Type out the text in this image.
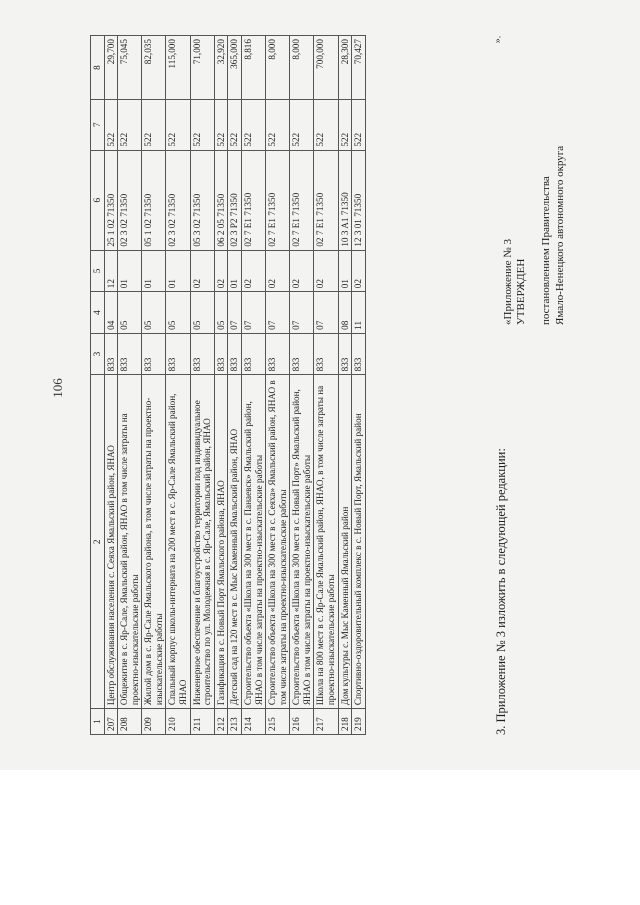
106
1	2	3	4	5	6	7	8
207	Центр обслуживания населения с. Сеяха Ямальский район, ЯНАО	833	04	12	25 1 02 71350	522	29,700
208	Общежитие в с. Яр-Сале, Ямальский район, ЯНАО в том числе затраты на проектно-изыскательские работы	833	05	01	02 3 02 71350	522	75,045
209	Жилой дом в с. Яр-Сале Ямальского района, в том числе затраты на проектно-изыскательские работы	833	05	01	05 1 02 71350	522	82,035
210	Спальный корпус школы-интерната на 200 мест в с. Яр-Сале Ямальский район, ЯНАО	833	05	01	02 3 02 71350	522	115,000
211	Инженерное обеспечение и благоустройство территории под индивидуальное строительство по ул. Молодежная в с. Яр-Сале, Ямальский район, ЯНАО	833	05	02	05 3 02 71350	522	71,000
212	Газификация в с. Новый Порт Ямальского района, ЯНАО	833	05	02	06 2 05 71350	522	32,920
213	Детский сад на 120 мест в с. Мыс Каменный Ямальский район, ЯНАО	833	07	01	02 3 P2 71350	522	365,000
214	Строительство объекта «Школа на 300 мест в с. Панаевск» Ямальский район, ЯНАО в том числе затраты на проектно-изыскательские работы	833	07	02	02 7 E1 71350	522	8,816
215	Строительство объекта «Школа на 300 мест в с. Сеяха» Ямальский район, ЯНАО в том числе затраты на проектно-изыскательские работы	833	07	02	02 7 E1 71350	522	8,000
216	Строительство объекта «Школа на 300 мест в с. Новый Порт» Ямальский район, ЯНАО в том числе затраты на проектно-изыскательские работы	833	07	02	02 7 E1 71350	522	8,000
217	Школа на 800 мест в с. Яр-Сале Ямальский район, ЯНАО, в том числе затраты на проектно-изыскательские работы	833	07	02	02 7 E1 71350	522	700,000
218	Дом культуры с. Мыс Каменный Ямальский район	833	08	01	10 3 A1 71350	522	28,300
219	Спортивно-оздоровительный комплекс в с. Новый Порт, Ямальский район	833	11	02	12 3 01 71350	522	70,427
3. Приложение № 3 изложить в следующей редакции:
«Приложение № 3 УТВЕРЖДЕН постановлением Правительства Ямало-Ненецкого автономного округа
».
